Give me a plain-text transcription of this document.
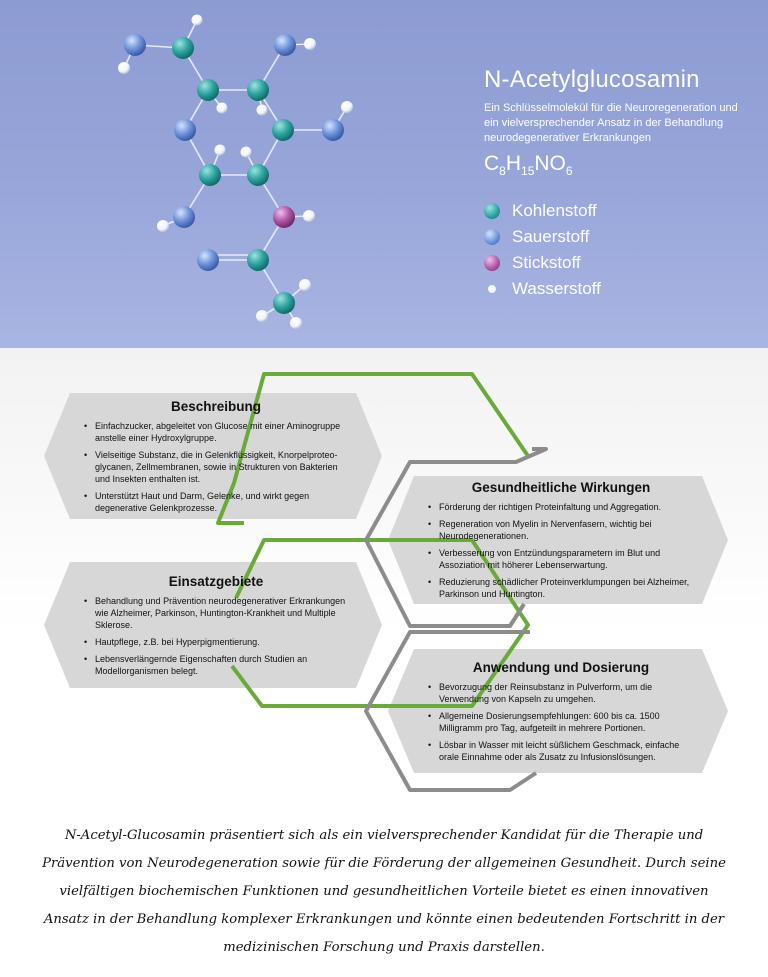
N-Acetylglucosamin
Ein Schlüsselmolekül für die Neuroregeneration und ein vielversprechender Ansatz in der Behandlung neurodegenerativer Erkrankungen
$C_8H_{15}NO_6$
Kohlenstoff
Sauerstoff
Stickstoff
Wasserstoff
Beschreibung
• Einfachzucker, abgeleitet von Glucose mit einer Aminogruppe anstelle einer Hydroxylgruppe.
• Vielseitige Substanz, die in Gelenkflüssigkeit, Knorpelproteo-glycanen, Zellmembranen, sowie in Strukturen von Bakterien und Insekten enthalten ist.
• Unterstützt Haut und Darm, Gelenke, und wirkt gegen degenerative Gelenkprozesse.
Gesundheitliche Wirkungen
• Förderung der richtigen Proteinfaltung und Aggregation.
• Regeneration von Myelin in Nervenfasern, wichtig bei Neurodegenerationen.
• Verbesserung von Entzündungsparametern im Blut und Assoziation mit höherer Lebenserwartung.
• Reduzierung schädlicher Proteinverklumpungen bei Alzheimer, Parkinson und Huntington.
Einsatzgebiete
• Behandlung und Prävention neurodegenerativer Erkrankungen wie Alzheimer, Parkinson, Huntington-Krankheit und Multiple Sklerose.
• Hautpflege, z.B. bei Hyperpigmentierung.
• Lebensverlängernde Eigenschaften durch Studien an Modellorganismen belegt.	Anwendung und Dosierung
• Bevorzugung der Reinsubstanz in Pulverform, um die Verwendung von Kapseln zu umgehen.
• Allgemeine Dosierungsempfehlungen: 600 bis ca. 1500 Milligramm pro Tag, aufgeteilt in mehrere Portionen.
• Lösbar in Wasser mit leicht süßlichem Geschmack, einfache orale Einnahme oder als Zusatz zu Infusionslösungen.
N-Acetyl-Glucosamin präsentiert sich als ein vielversprechender Kandidat für die Therapie und Prävention von Neurodegeneration sowie für die Förderung der allgemeinen Gesundheit. Durch seine vielfältigen biochemischen Funktionen und gesundheitlichen Vorteile bietet es einen innovativen Ansatz in der Behandlung komplexer Erkrankungen und könnte einen bedeutenden Fortschritt in der medizinischen Forschung und Praxis darstellen.
